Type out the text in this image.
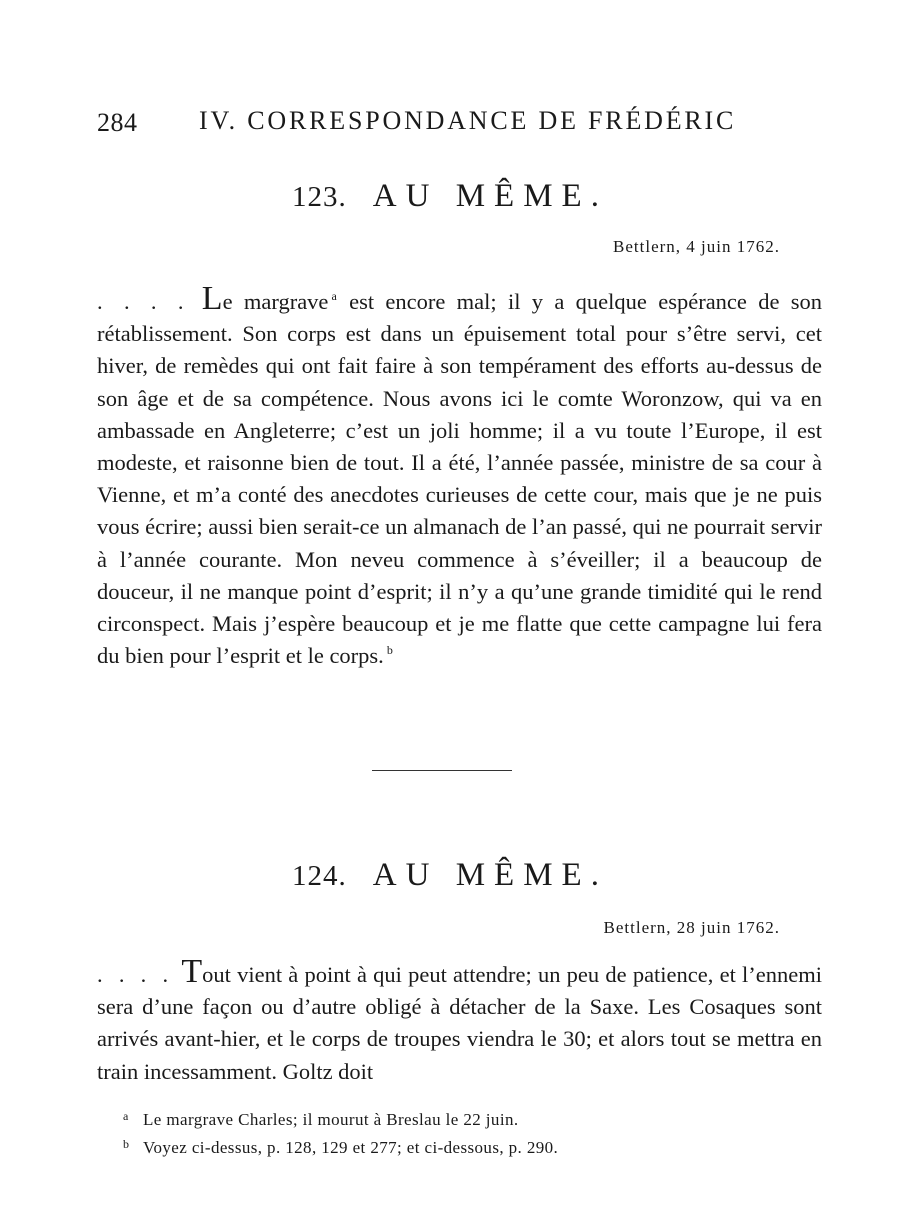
284 IV. CORRESPONDANCE DE FRÉDÉRIC
123. AU MÊME.
Bettlern, 4 juin 1762.
. . . . Le margrave $^a$ est encore mal; il y a quelque espérance de son rétablissement. Son corps est dans un épuisement total pour s’être servi, cet hiver, de remèdes qui ont fait faire à son tempérament des efforts au-dessus de son âge et de sa compétence. Nous avons ici le comte Woronzow, qui va en ambassade en Angleterre; c’est un joli homme; il a vu toute l’Europe, il est modeste, et raisonne bien de tout. Il a été, l’année passée, ministre de sa cour à Vienne, et m’a conté des anecdotes curieuses de cette cour, mais que je ne puis vous écrire; aussi bien serait-ce un almanach de l’an passé, qui ne pourrait servir à l’année courante. Mon neveu commence à s’éveiller; il a beaucoup de douceur, il ne manque point d’esprit; il n’y a qu’une grande timidité qui le rend circonspect. Mais j’espère beaucoup et je me flatte que cette campagne lui fera du bien pour l’esprit et le corps. $^b$
124. AU MÊME.
Bettlern, 28 juin 1762.
. . . . Tout vient à point à qui peut attendre; un peu de patience, et l’ennemi sera d’une façon ou d’autre obligé à détacher de la Saxe. Les Cosaques sont arrivés avant-hier, et le corps de troupes viendra le 30; et alors tout se mettra en train incessamment. Goltz doit
a Le margrave Charles; il mourut à Breslau le 22 juin.
b Voyez ci-dessus, p. 128, 129 et 277; et ci-dessous, p. 290.
